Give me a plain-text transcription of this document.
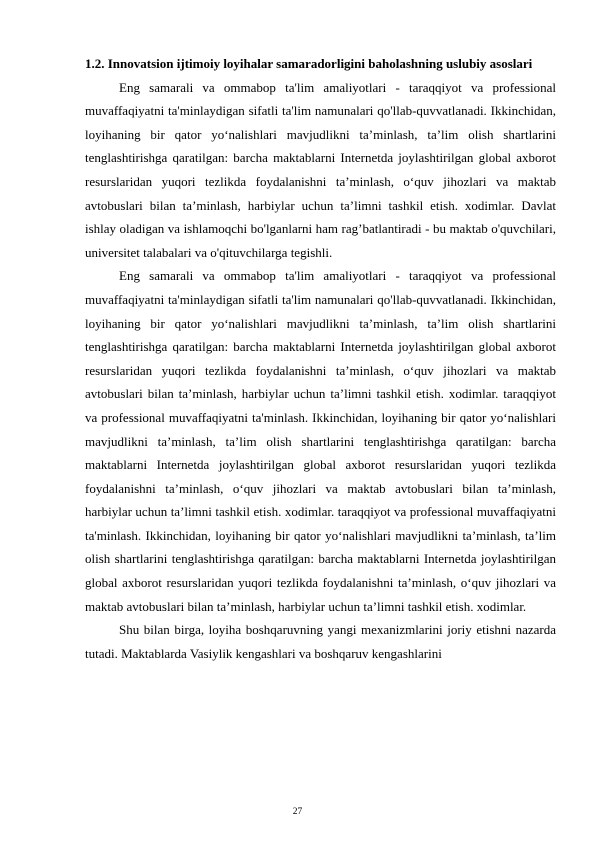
1.2. Innovatsion ijtimoiy loyihalar samaradorligini baholashning uslubiy asoslari

Eng samarali va ommabop ta'lim amaliyotlari - taraqqiyot va professional muvaffaqiyatni ta'minlaydigan sifatli ta'lim namunalari qo'llab-quvvatlanadi. Ikkinchidan, loyihaning bir qator yo‘nalishlari mavjudlikni ta’minlash, ta’lim olish shartlarini tenglashtirishga qaratilgan: barcha maktablarni Internetda joylashtirilgan global axborot resurslaridan yuqori tezlikda foydalanishni ta’minlash, o‘quv jihozlari va maktab avtobuslari bilan ta’minlash, harbiylar uchun ta’limni tashkil etish. xodimlar. Davlat ishlay oladigan va ishlamoqchi bo'lganlarni ham rag’batlantiradi - bu maktab o'quvchilari, universitet talabalari va o'qituvchilarga tegishli.

Eng samarali va ommabop ta'lim amaliyotlari - taraqqiyot va professional muvaffaqiyatni ta'minlaydigan sifatli ta'lim namunalari qo'llab-quvvatlanadi. Ikkinchidan, loyihaning bir qator yo‘nalishlari mavjudlikni ta’minlash, ta’lim olish shartlarini tenglashtirishga qaratilgan: barcha maktablarni Internetda joylashtirilgan global axborot resurslaridan yuqori tezlikda foydalanishni ta’minlash, o‘quv jihozlari va maktab avtobuslari bilan ta’minlash, harbiylar uchun ta’limni tashkil etish. xodimlar. taraqqiyot va professional muvaffaqiyatni ta'minlash. Ikkinchidan, loyihaning bir qator yo‘nalishlari mavjudlikni ta’minlash, ta’lim olish shartlarini tenglashtirishga qaratilgan: barcha maktablarni Internetda joylashtirilgan global axborot resurslaridan yuqori tezlikda foydalanishni ta’minlash, o‘quv jihozlari va maktab avtobuslari bilan ta’minlash, harbiylar uchun ta’limni tashkil etish. xodimlar. taraqqiyot va professional muvaffaqiyatni ta'minlash. Ikkinchidan, loyihaning bir qator yo‘nalishlari mavjudlikni ta’minlash, ta’lim olish shartlarini tenglashtirishga qaratilgan: barcha maktablarni Internetda joylashtirilgan global axborot resurslaridan yuqori tezlikda foydalanishni ta’minlash, o‘quv jihozlari va maktab avtobuslari bilan ta’minlash, harbiylar uchun ta’limni tashkil etish. xodimlar.

Shu bilan birga, loyiha boshqaruvning yangi mexanizmlarini joriy etishni nazarda tutadi. Maktablarda Vasiylik kengashlari va boshqaruv kengashlarini

27
